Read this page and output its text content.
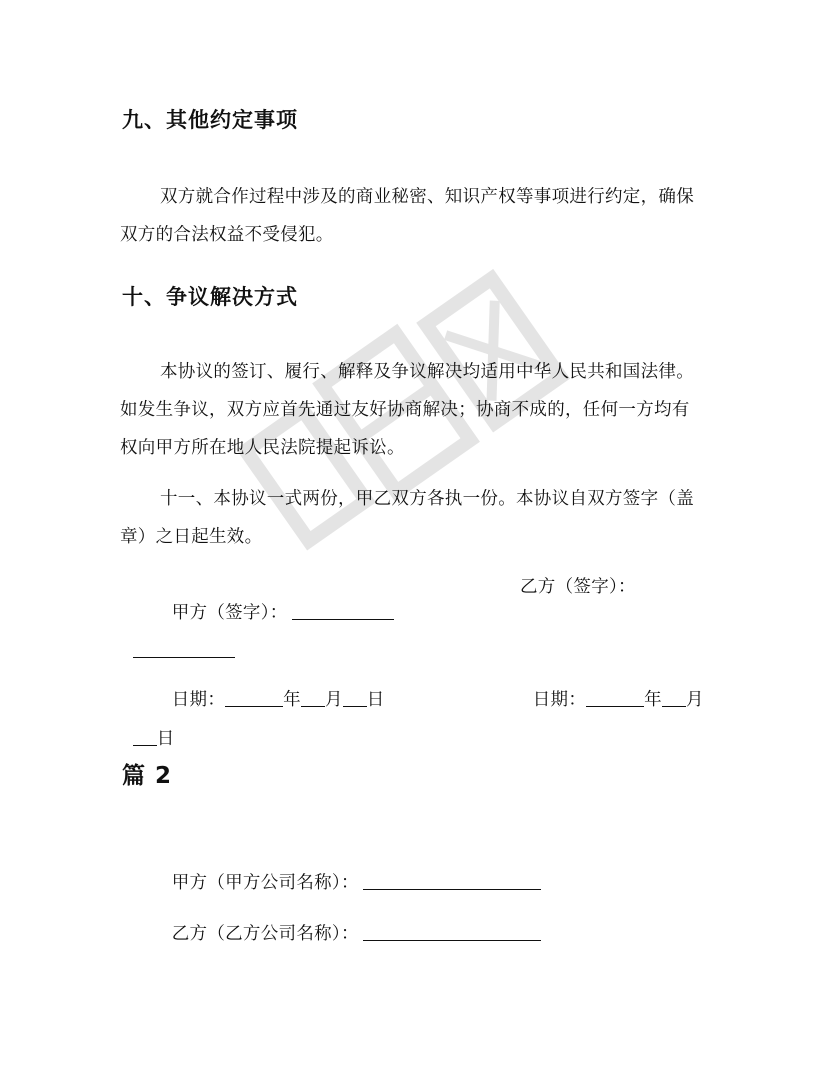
九、其他约定事项

双方就合作过程中涉及的商业秘密、知识产权等事项进行约定，确保双方的合法权益不受侵犯。

十、争议解决方式

本协议的签订、履行、解释及争议解决均适用中华人民共和国法律。如发生争议，双方应首先通过友好协商解决；协商不成的，任何一方均有权向甲方所在地人民法院提起诉讼。

十一、本协议一式两份，甲乙双方各执一份。本协议自双方签字（盖章）之日起生效。

甲方（签字）：

乙方（签字）：

日期：	年 月 日	日期：	年 月

日

篇 2

甲方（甲方公司名称）：

乙方（乙方公司名称）：
